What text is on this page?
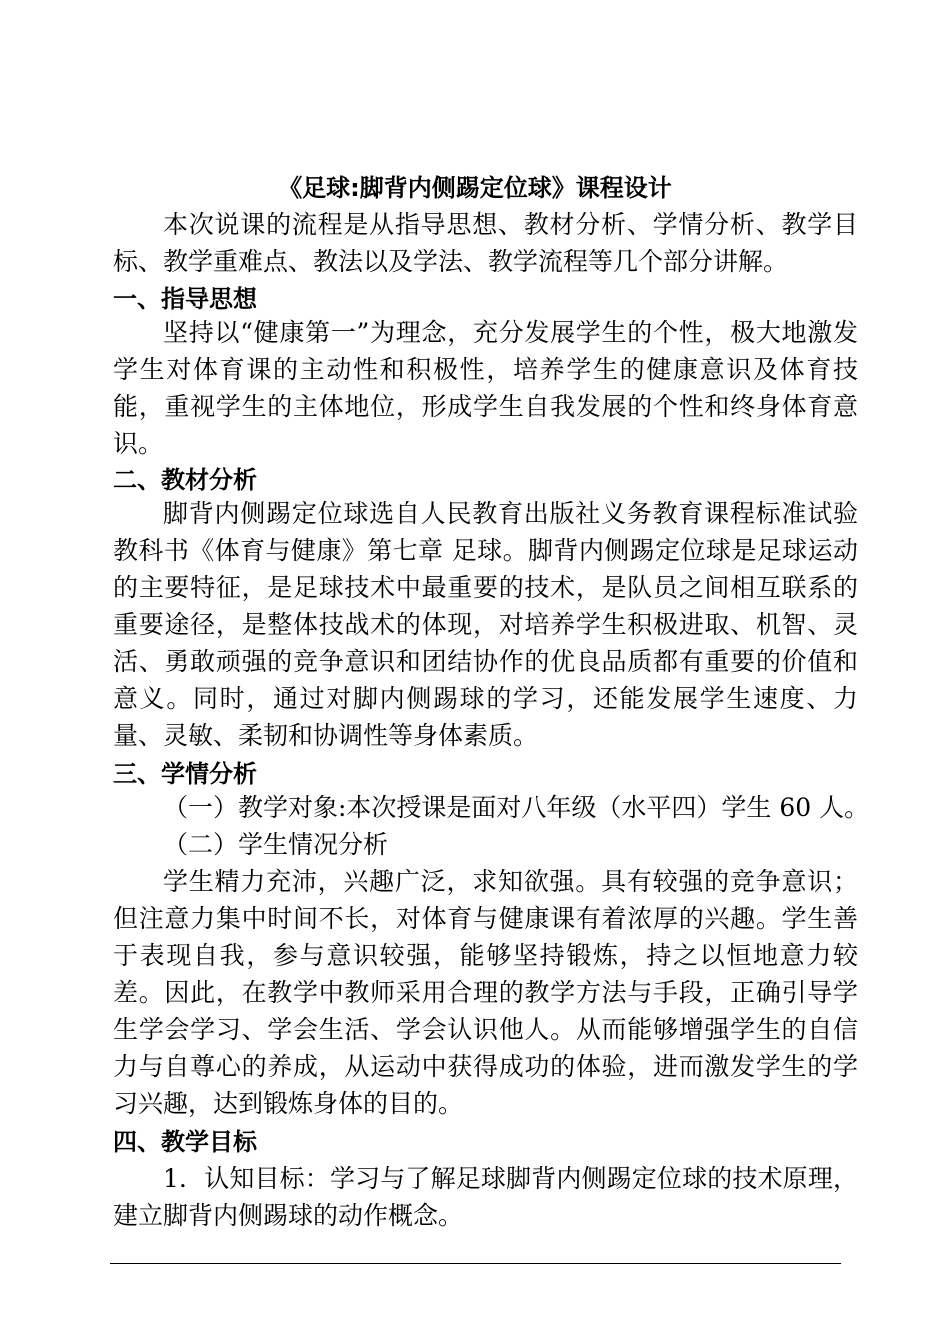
《足球:脚背内侧踢定位球》课程设计

本次说课的流程是从指导思想、教材分析、学情分析、教学目标、教学重难点、教法以及学法、教学流程等几个部分讲解。

一、指导思想

坚持以“健康第一”为理念，充分发展学生的个性，极大地激发学生对体育课的主动性和积极性，培养学生的健康意识及体育技能，重视学生的主体地位，形成学生自我发展的个性和终身体育意识。

二、教材分析

脚背内侧踢定位球选自人民教育出版社义务教育课程标准试验教科书《体育与健康》第七章 足球。脚背内侧踢定位球是足球运动的主要特征，是足球技术中最重要的技术，是队员之间相互联系的重要途径，是整体技战术的体现，对培养学生积极进取、机智、灵活、勇敢顽强的竞争意识和团结协作的优良品质都有重要的价值和意义。同时，通过对脚内侧踢球的学习，还能发展学生速度、力量、灵敏、柔韧和协调性等身体素质。

三、学情分析
（一）教学对象:本次授课是面对八年级（水平四）学生 60 人。
（二）学生情况分析

学生精力充沛，兴趣广泛，求知欲强。具有较强的竞争意识；但注意力集中时间不长，对体育与健康课有着浓厚的兴趣。学生善于表现自我，参与意识较强，能够坚持锻炼，持之以恒地意力较差。因此，在教学中教师采用合理的教学方法与手段，正确引导学生学会学习、学会生活、学会认识他人。从而能够增强学生的自信力与自尊心的养成，从运动中获得成功的体验，进而激发学生的学习兴趣，达到锻炼身体的目的。

四、教学目标

1．认知目标：学习与了解足球脚背内侧踢定位球的技术原理，建立脚背内侧踢球的动作概念。
